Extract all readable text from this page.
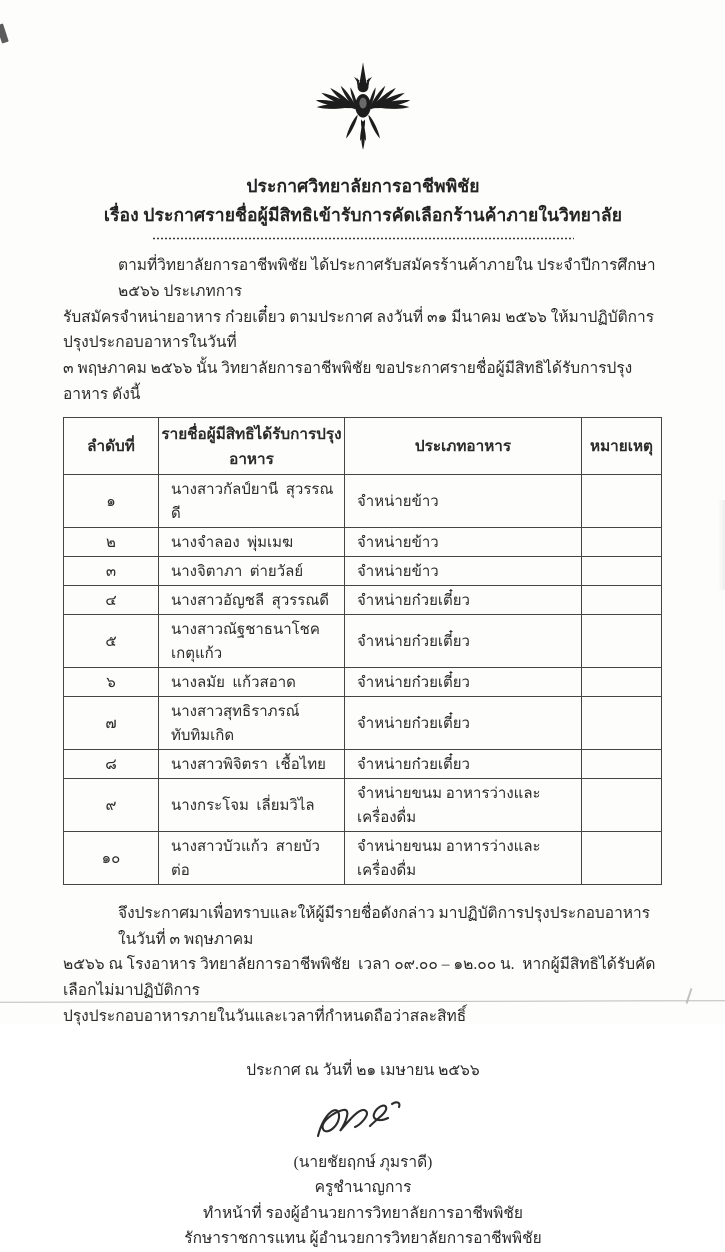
ประกาศวิทยาลัยการอาชีพพิชัย
เรื่อง ประกาศรายชื่อผู้มีสิทธิเข้ารับการคัดเลือกร้านค้าภายในวิทยาลัย
ตามที่วิทยาลัยการอาชีพพิชัย ได้ประกาศรับสมัครร้านค้าภายใน ประจำปีการศึกษา ๒๕๖๖ ประเภทการ
รับสมัครจำหน่ายอาหาร ก๋วยเตี๋ยว ตามประกาศ ลงวันที่ ๓๑ มีนาคม ๒๕๖๖ ให้มาปฏิบัติการปรุงประกอบอาหารในวันที่
๓ พฤษภาคม ๒๕๖๖ นั้น วิทยาลัยการอาชีพพิชัย ขอประกาศรายชื่อผู้มีสิทธิได้รับการปรุงอาหาร ดังนี้
ลำดับที่	รายชื่อผู้มีสิทธิได้รับการปรุงอาหาร	ประเภทอาหาร	หมายเหตุ
๑	นางสาวกัลป์ยานี  สุวรรณดี	จำหน่ายข้าว	
๒	นางจำลอง  พุ่มเมฆ	จำหน่ายข้าว	
๓	นางจิตาภา  ต่ายวัลย์	จำหน่ายข้าว	
๔	นางสาวอัญชลี  สุวรรณดี	จำหน่ายก๋วยเตี๋ยว	
๕	นางสาวณัฐชาธนาโชค  เกตุแก้ว	จำหน่ายก๋วยเตี๋ยว	
๖	นางลมัย  แก้วสอาด	จำหน่ายก๋วยเตี๋ยว	
๗	นางสาวสุทธิราภรณ์  ทับทิมเกิด	จำหน่ายก๋วยเตี๋ยว	
๘	นางสาวพิจิตรา  เชื้อไทย	จำหน่ายก๋วยเตี๋ยว	
๙	นางกระโจม  เลี่ยมวิไล	จำหน่ายขนม อาหารว่างและเครื่องดื่ม	
๑๐	นางสาวบัวแก้ว  สายบัวต่อ	จำหน่ายขนม อาหารว่างและเครื่องดื่ม	
จึงประกาศมาเพื่อทราบและให้ผู้มีรายชื่อดังกล่าว มาปฏิบัติการปรุงประกอบอาหารในวันที่ ๓ พฤษภาคม
๒๕๖๖ ณ โรงอาหาร วิทยาลัยการอาชีพพิชัย  เวลา ๐๙.๐๐ – ๑๒.๐๐ น.  หากผู้มีสิทธิได้รับคัดเลือกไม่มาปฏิบัติการ
ปรุงประกอบอาหารภายในวันและเวลาที่กำหนดถือว่าสละสิทธิ์
ประกาศ ณ วันที่ ๒๑ เมษายน ๒๕๖๖
(นายชัยฤกษ์ ภุมราดี)
ครูชำนาญการ
ทำหน้าที่ รองผู้อำนวยการวิทยาลัยการอาชีพพิชัย
รักษาราชการแทน ผู้อำนวยการวิทยาลัยการอาชีพพิชัย
